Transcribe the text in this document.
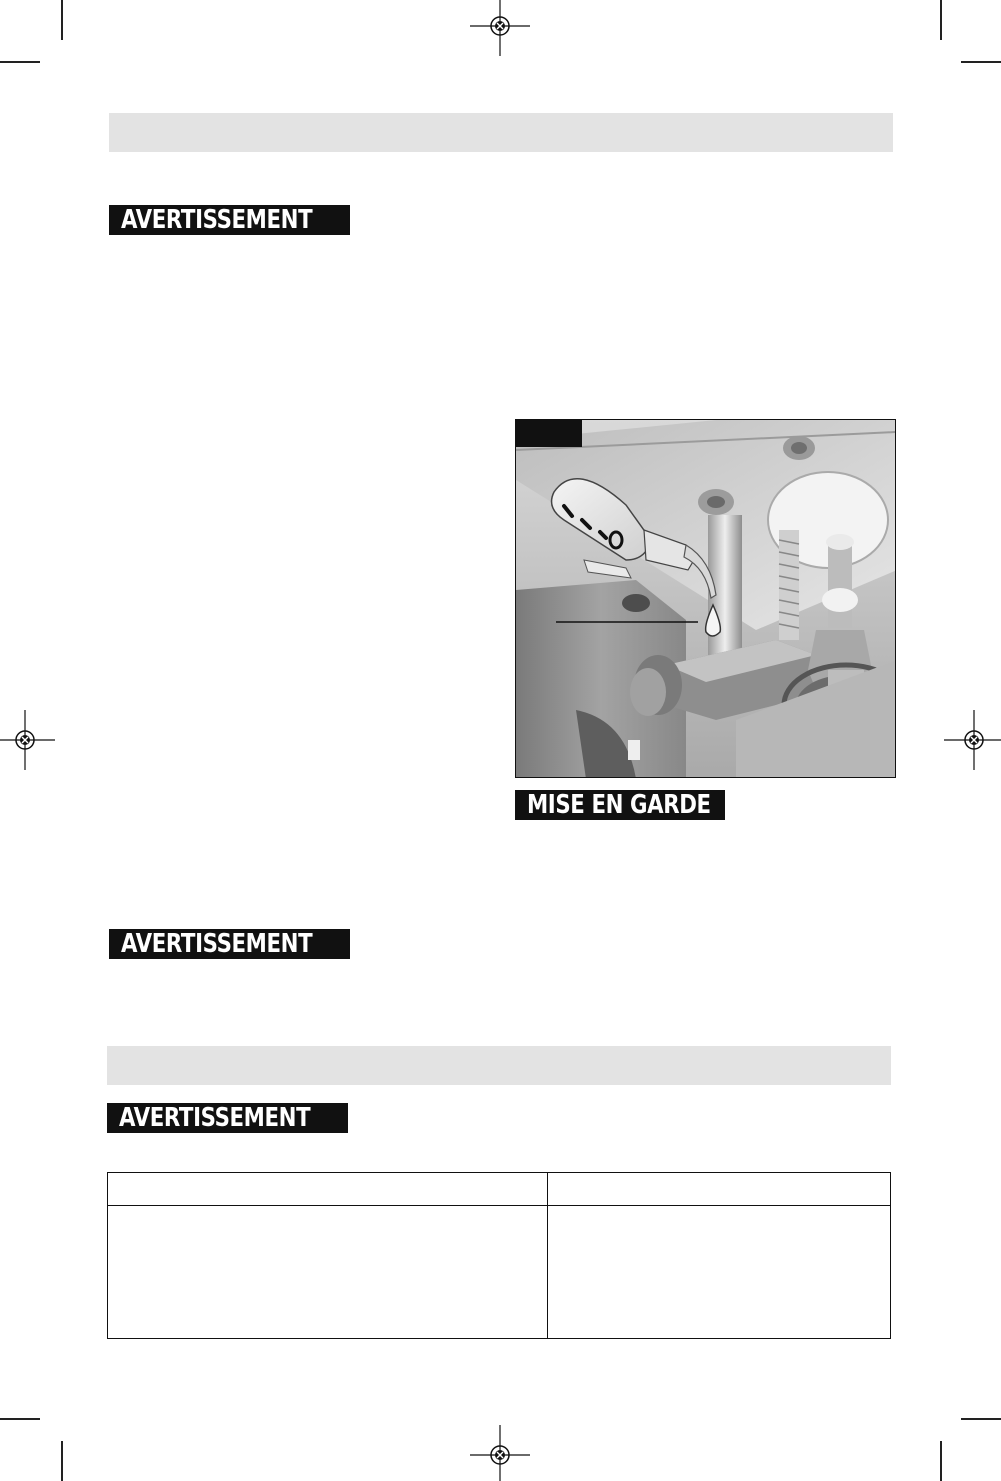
AVERTISSEMENT
AVERTISSEMENT
AVERTISSEMENT
MISE EN GARDE
